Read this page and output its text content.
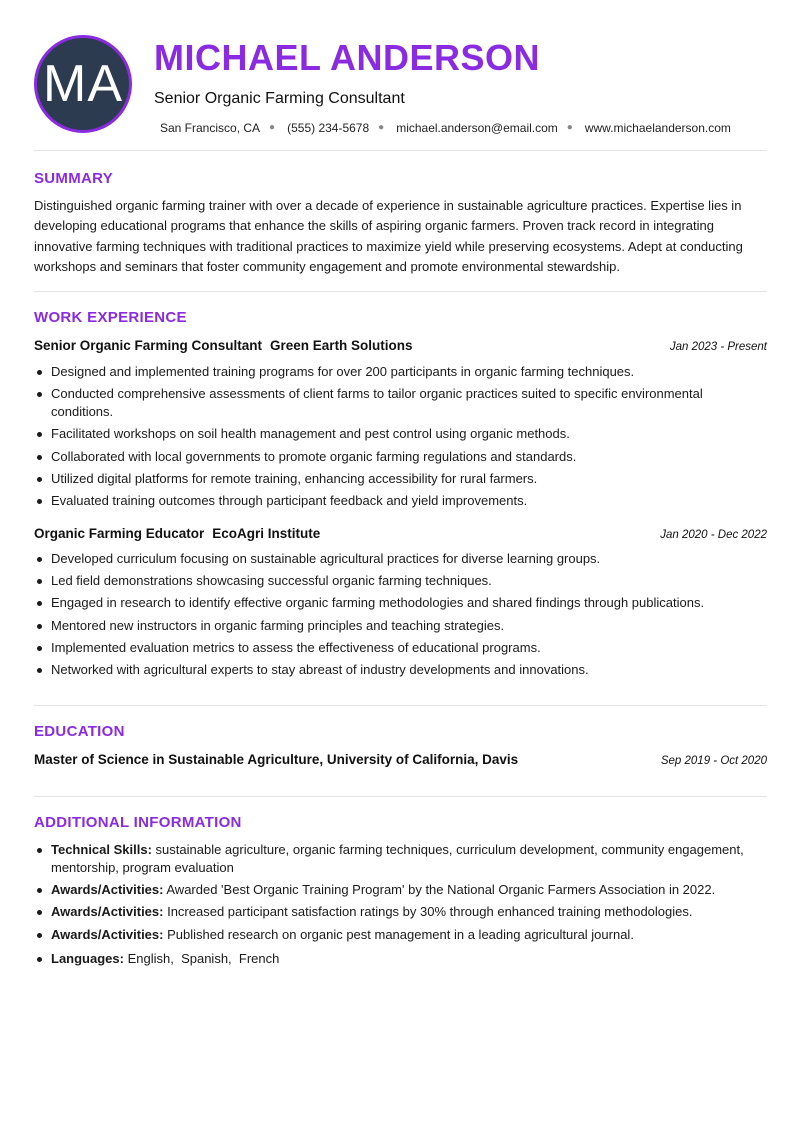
MA MICHAEL ANDERSON
Senior Organic Farming Consultant
San Francisco, CA ● (555) 234-5678 ● michael.anderson@email.com ● www.michaelanderson.com
SUMMARY

Distinguished organic farming trainer with over a decade of experience in sustainable agriculture practices. Expertise lies in developing educational programs that enhance the skills of aspiring organic farmers. Proven track record in integrating innovative farming techniques with traditional practices to maximize yield while preserving ecosystems. Adept at conducting workshops and seminars that foster community engagement and promote environmental stewardship.

WORK EXPERIENCE
Senior Organic Farming Consultant Green Earth Solutions	Jan 2023 - Present
Designed and implemented training programs for over 200 participants in organic farming techniques.
Conducted comprehensive assessments of client farms to tailor organic practices suited to specific environmental conditions.
Facilitated workshops on soil health management and pest control using organic methods.
Collaborated with local governments to promote organic farming regulations and standards.
Utilized digital platforms for remote training, enhancing accessibility for rural farmers.
Evaluated training outcomes through participant feedback and yield improvements.
Organic Farming Educator EcoAgri Institute	Jan 2020 - Dec 2022
Developed curriculum focusing on sustainable agricultural practices for diverse learning groups.
Led field demonstrations showcasing successful organic farming techniques.
Engaged in research to identify effective organic farming methodologies and shared findings through publications.
Mentored new instructors in organic farming principles and teaching strategies.
Implemented evaluation metrics to assess the effectiveness of educational programs.
Networked with agricultural experts to stay abreast of industry developments and innovations.
EDUCATION
Master of Science in Sustainable Agriculture, University of California, Davis	Sep 2019 - Oct 2020
ADDITIONAL INFORMATION
Technical Skills: sustainable agriculture, organic farming techniques, curriculum development, community engagement, mentorship, program evaluation
Awards/Activities: Awarded 'Best Organic Training Program' by the National Organic Farmers Association in 2022.
Awards/Activities: Increased participant satisfaction ratings by 30% through enhanced training methodologies.
Awards/Activities: Published research on organic pest management in a leading agricultural journal.
Languages: English,  Spanish,  French
